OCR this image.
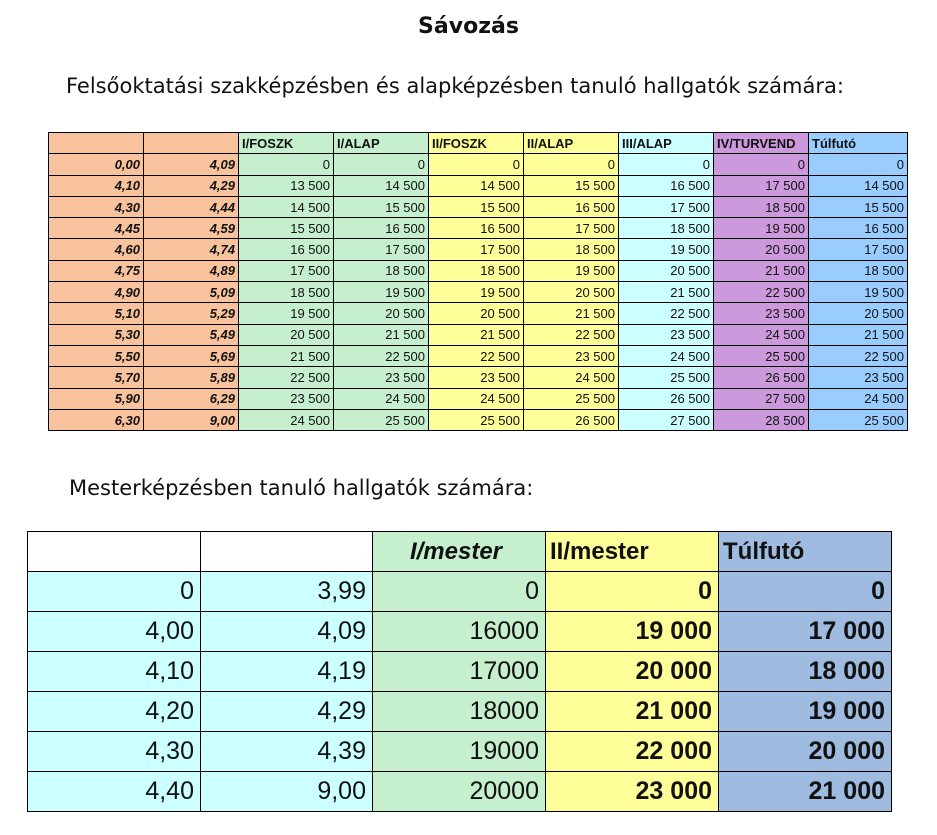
Sávozás
Felsőoktatási szakképzésben és alapképzésben tanuló hallgatók számára:
		I/FOSZK	I/ALAP	II/FOSZK	II/ALAP	III/ALAP	IV/TURVEND	Túlfutó
0,00	4,09	0	0	0	0	0	0	0
4,10	4,29	13 500	14 500	14 500	15 500	16 500	17 500	14 500
4,30	4,44	14 500	15 500	15 500	16 500	17 500	18 500	15 500
4,45	4,59	15 500	16 500	16 500	17 500	18 500	19 500	16 500
4,60	4,74	16 500	17 500	17 500	18 500	19 500	20 500	17 500
4,75	4,89	17 500	18 500	18 500	19 500	20 500	21 500	18 500
4,90	5,09	18 500	19 500	19 500	20 500	21 500	22 500	19 500
5,10	5,29	19 500	20 500	20 500	21 500	22 500	23 500	20 500
5,30	5,49	20 500	21 500	21 500	22 500	23 500	24 500	21 500
5,50	5,69	21 500	22 500	22 500	23 500	24 500	25 500	22 500
5,70	5,89	22 500	23 500	23 500	24 500	25 500	26 500	23 500
5,90	6,29	23 500	24 500	24 500	25 500	26 500	27 500	24 500
6,30	9,00	24 500	25 500	25 500	26 500	27 500	28 500	25 500
Mesterképzésben tanuló hallgatók számára:
		I/mester	II/mester	Túlfutó
0	3,99	0	0	0
4,00	4,09	16000	19 000	17 000
4,10	4,19	17000	20 000	18 000
4,20	4,29	18000	21 000	19 000
4,30	4,39	19000	22 000	20 000
4,40	9,00	20000	23 000	21 000
